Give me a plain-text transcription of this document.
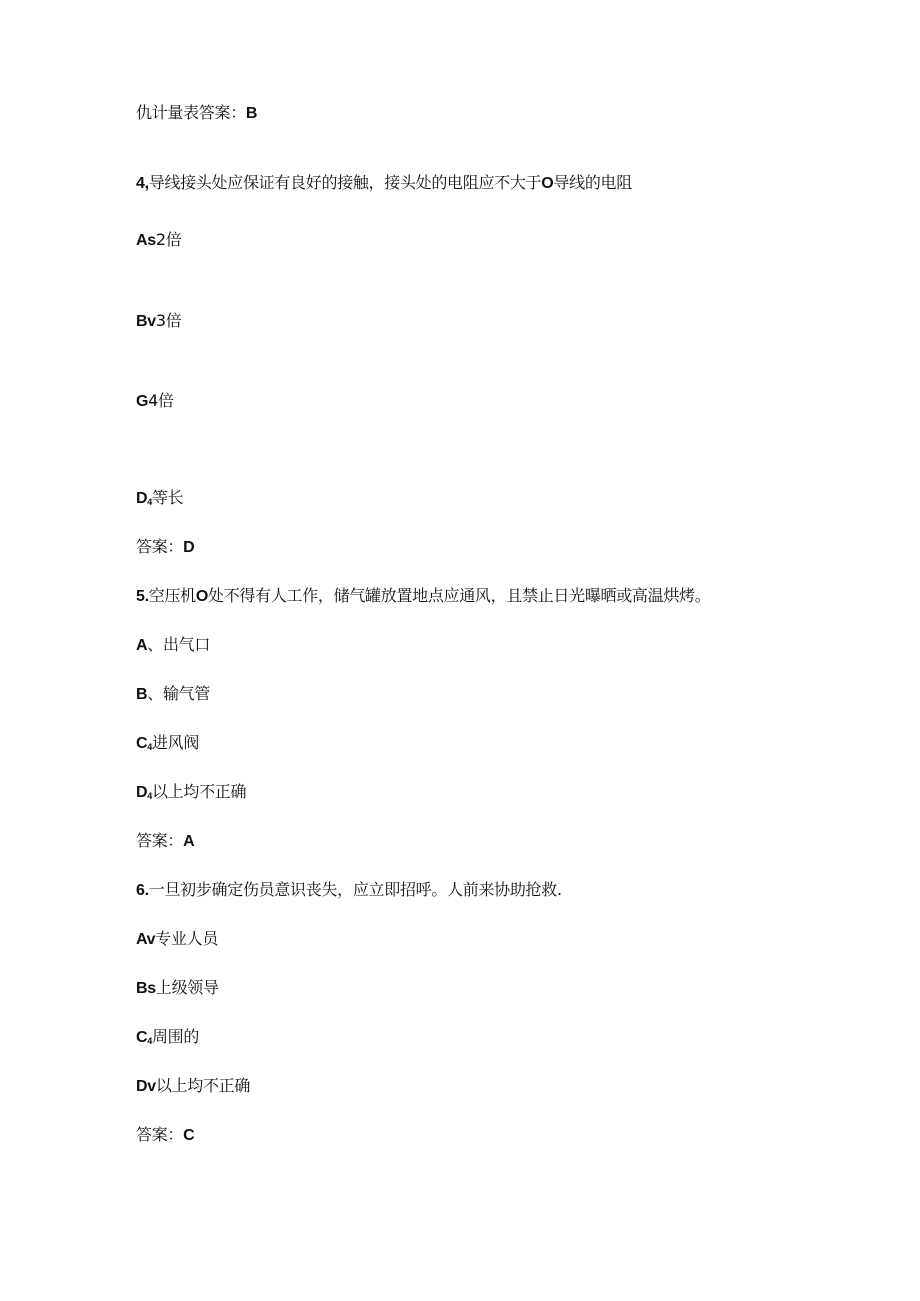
仇计量表答案：B
4,导线接头处应保证有良好的接触，接头处的电阻应不大于O导线的电阻
As2倍
Bv3倍
G4倍
$D_4$等长
答案：D
5.空压机O处不得有人工作，储气罐放置地点应通风，且禁止日光曝晒或高温烘烤。
A、出气口
B、输气管
$C_4$进风阀
$D_4$以上均不正确
答案：A
6.一旦初步确定伤员意识丧失，应立即招呼。人前来协助抢救.
Av专业人员
Bs上级领导
$C_4$周围的
Dv以上均不正确
答案：C
